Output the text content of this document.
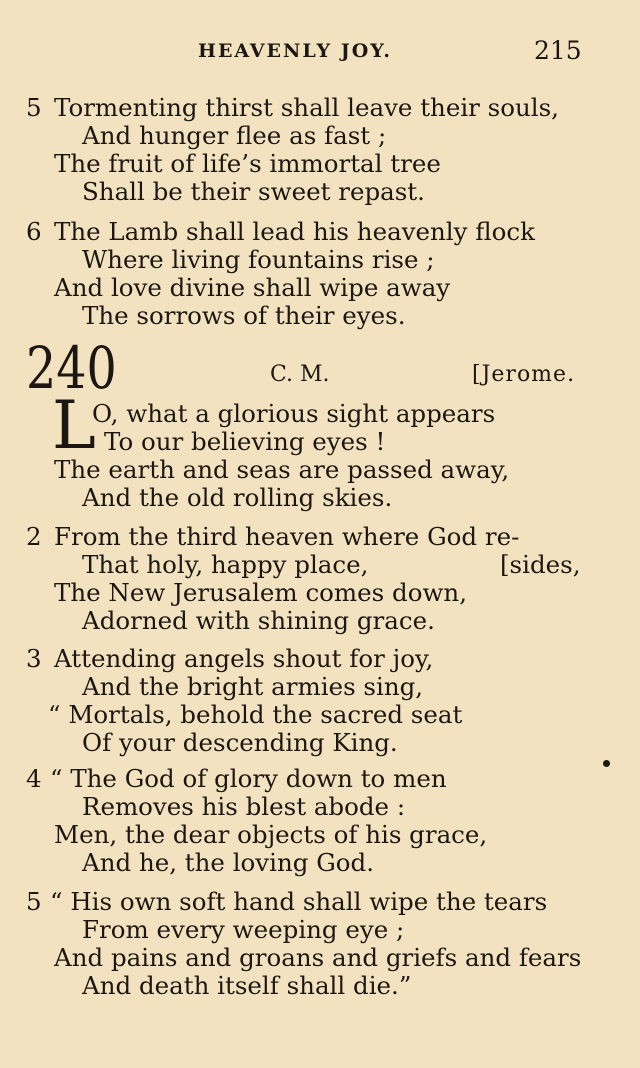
HEAVENLY JOY.	215
5 Tormenting thirst shall leave their souls,
And hunger flee as fast ;
The fruit of life’s immortal tree
Shall be their sweet repast.
6 The Lamb shall lead his heavenly flock
Where living fountains rise ;
And love divine shall wipe away
The sorrows of their eyes.
240	C. M.	[Jerome.
L
O, what a glorious sight appears
To our believing eyes !
The earth and seas are passed away,
And the old rolling skies.
2 From the third heaven where God re-
That holy, happy place,	[sides,
The New Jerusalem comes down,
Adorned with shining grace.
3 Attending angels shout for joy,
And the bright armies sing,
“ Mortals, behold the sacred seat
Of your descending King.
4 “ The God of glory down to men
Removes his blest abode :
Men, the dear objects of his grace,
And he, the loving God.
5 “ His own soft hand shall wipe the tears
From every weeping eye ;
And pains and groans and griefs and fears
And death itself shall die.”
